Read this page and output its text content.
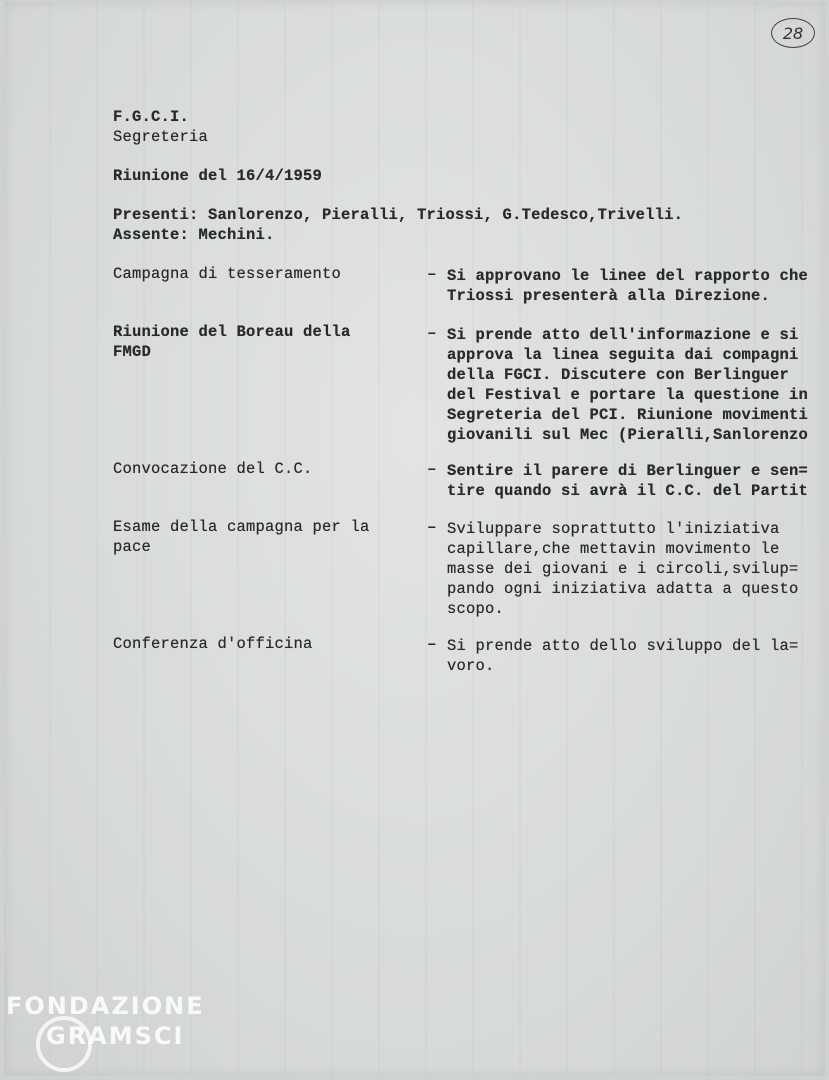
28
F.G.C.I.
Segreteria
Riunione del 16/4/1959
Presenti: Sanlorenzo, Pieralli, Triossi, G.Tedesco,Trivelli.
Assente: Mechini.
Campagna di tesseramento	– Si approvano le linee del rapporto che
Triossi presenterà alla Direzione.
Riunione del Boreau della
FMGD
– Si prende atto dell'informazione e si
approva la linea seguita dai compagni
della FGCI. Discutere con Berlinguer
del Festival e portare la questione in
Segreteria del PCI. Riunione movimenti
giovanili sul Mec (Pieralli,Sanlorenzo
Convocazione del C.C.	– Sentire il parere di Berlinguer e sen=
tire quando si avrà il C.C. del Partit
Esame della campagna per la
pace
– Sviluppare soprattutto l'iniziativa
capillare,che mettavin movimento le
masse dei giovani e i circoli,svilup=
pando ogni iniziativa adatta a questo
scopo.
Conferenza d'officina	– Si prende atto dello sviluppo del la=
voro.
FONDAZIONE
GRAMSCI
